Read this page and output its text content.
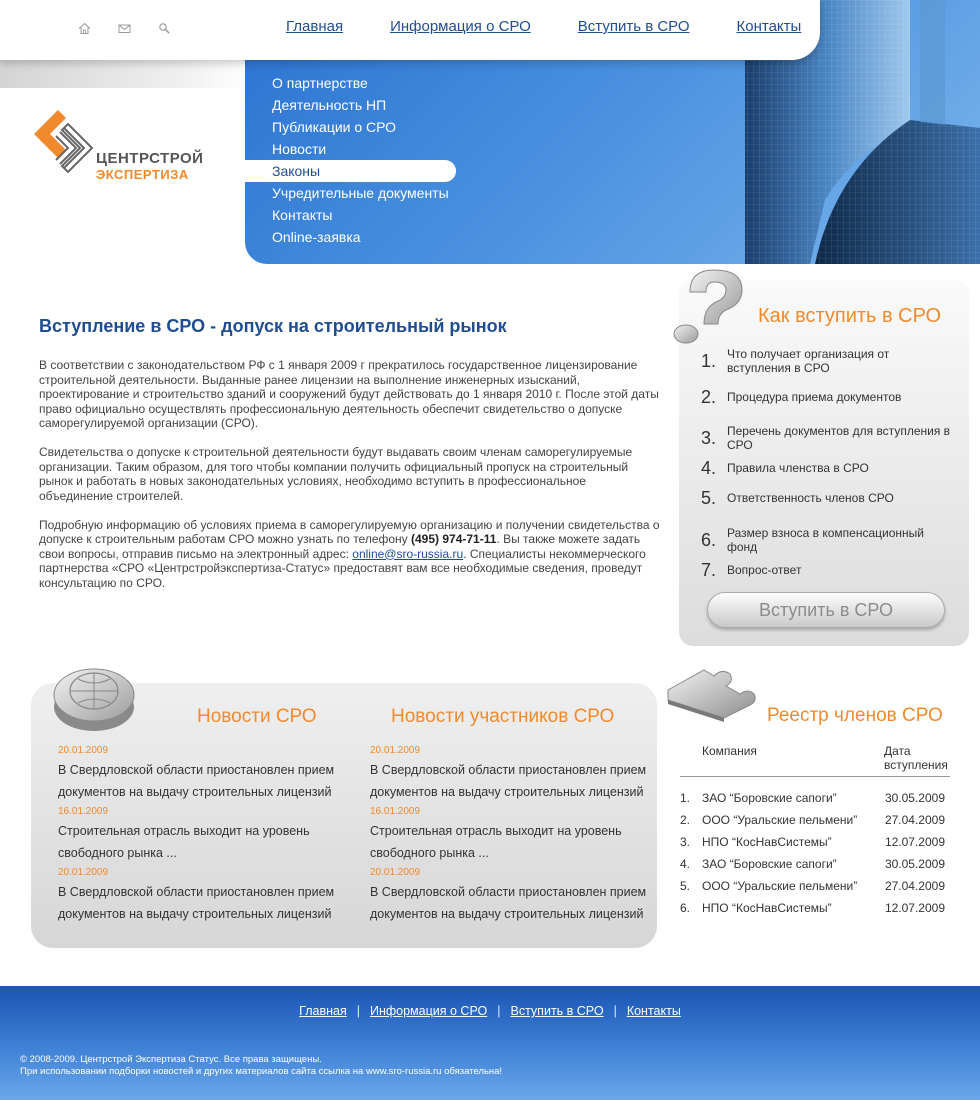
Главная	Информация о СРО	Вступить в СРО	Контакты
ЦЕНТРСТРОЙ
ЭКСПЕРТИЗА
О партнерстве
Деятельность НП
Публикации о СРО
Новости
Законы
Учредительные документы
Контакты
Online-заявка
Вступление в СРО - допуск на строительный рынок

В соответствии с законодательством РФ с 1 января 2009 г прекратилось государственное лицензирование строительной деятельности. Выданные ранее лицензии на выполнение инженерных изысканий, проектирование и строительство зданий и сооружений будут действовать до 1 января 2010 г. После этой даты право официально осуществлять профессиональную деятельность обеспечит свидетельство о допуске саморегулируемой организации (СРО).

Свидетельства о допуске к строительной деятельности будут выдавать своим членам саморегулируемые организации. Таким образом, для того чтобы компании получить официальный пропуск на строительный рынок и работать в новых законодательных условиях, необходимо вступить в профессиональное объединение строителей.

Подробную информацию об условиях приема в саморегулируемую организацию и получении свидетельства о допуске к строительным работам СРО можно узнать по телефону (495) 974-71-11. Вы также можете задать свои вопросы, отправив письмо на электронный адрес: online@sro-russia.ru. Специалисты некоммерческого партнерства «СРО «Центрстройэкспертиза-Статус» предоставят вам все необходимые сведения, проведут консультацию по СРО.

Как вступить в СРО
1. Что получает организация от вступления в СРО
2. Процедура приема документов
3. Перечень документов для вступления в СРО
4. Правила членства в СРО
5. Ответственность членов СРО
6. Размер взноса в компенсационный фонд
7. Вопрос-ответ
Вступить в СРО
Новости СРО	Новости участников СРО
20.01.2009
В Свердловской области приостановлен прием документов на выдачу строительных лицензий
16.01.2009
Строительная отрасль выходит на уровень свободного рынка ...
20.01.2009
В Свердловской области приостановлен прием документов на выдачу строительных лицензий
20.01.2009
В Свердловской области приостановлен прием документов на выдачу строительных лицензий
16.01.2009
Строительная отрасль выходит на уровень свободного рынка ...
20.01.2009
В Свердловской области приостановлен прием документов на выдачу строительных лицензий
Реестр членов СРО
Компания	Дата вступления
1. ЗАО “Боровские сапоги”	30.05.2009
2. ООО “Уральские пельмени”	27.04.2009
3. НПО “КосНавСистемы”	12.07.2009
4. ЗАО “Боровские сапоги”	30.05.2009
5. ООО “Уральские пельмени”	27.04.2009
6. НПО “КосНавСистемы”	12.07.2009
Главная | Информация о СРО | Вступить в СРО | Контакты
© 2008-2009. Центрстрой Экспертиза Статус. Все права защищены.
При использовании подборки новостей и других материалов сайта ссылка на www.sro-russia.ru обязательна!
